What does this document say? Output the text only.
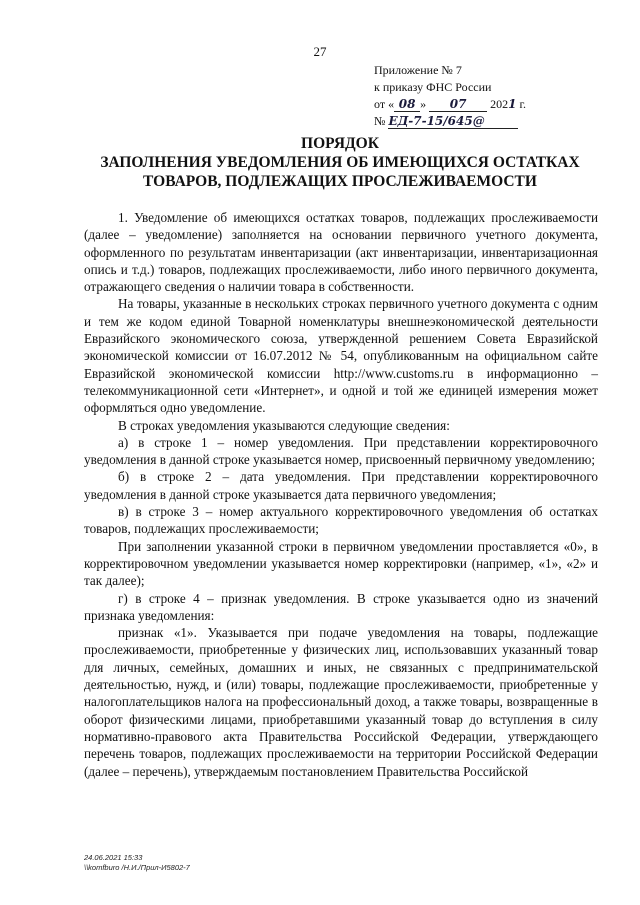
27
Приложение № 7
к приказу ФНС России
от « 08 » 07 2021 г.
№ ЕД-7-15/645@
ПОРЯДОК
ЗАПОЛНЕНИЯ УВЕДОМЛЕНИЯ ОБ ИМЕЮЩИХСЯ ОСТАТКАХ
ТОВАРОВ, ПОДЛЕЖАЩИХ ПРОСЛЕЖИВАЕМОСТИ

1. Уведомление об имеющихся остатках товаров, подлежащих прослеживаемости (далее – уведомление) заполняется на основании первичного учетного документа, оформленного по результатам инвентаризации (акт инвентаризации, инвентаризационная опись и т.д.) товаров, подлежащих прослеживаемости, либо иного первичного документа, отражающего сведения о наличии товара в собственности.

На товары, указанные в нескольких строках первичного учетного документа с одним и тем же кодом единой Товарной номенклатуры внешнеэкономической деятельности Евразийского экономического союза, утвержденной решением Совета Евразийской экономической комиссии от 16.07.2012 № 54, опубликованным на официальном сайте Евразийской экономической комиссии http://www.customs.ru в информационно – телекоммуникационной сети «Интернет», и одной и той же единицей измерения может оформляться одно уведомление.

В строках уведомления указываются следующие сведения:

а) в строке 1 – номер уведомления. При представлении корректировочного уведомления в данной строке указывается номер, присвоенный первичному уведомлению;

б) в строке 2 – дата уведомления. При представлении корректировочного уведомления в данной строке указывается дата первичного уведомления;

в) в строке 3 – номер актуального корректировочного уведомления об остатках товаров, подлежащих прослеживаемости;

При заполнении указанной строки в первичном уведомлении проставляется «0», в корректировочном уведомлении указывается номер корректировки (например, «1», «2» и так далее);

г) в строке 4 – признак уведомления. В строке указывается одно из значений признака уведомления:

признак «1». Указывается при подаче уведомления на товары, подлежащие прослеживаемости, приобретенные у физических лиц, использовавших указанный товар для личных, семейных, домашних и иных, не связанных с предпринимательской деятельностью, нужд, и (или) товары, подлежащие прослеживаемости, приобретенные у налогоплательщиков налога на профессиональный доход, а также товары, возвращенные в оборот физическими лицами, приобретавшими указанный товар до вступления в силу нормативно-правового акта Правительства Российской Федерации, утверждающего перечень товаров, подлежащих прослеживаемости на территории Российской Федерации (далее – перечень), утверждаемым постановлением Правительства Российской

24.06.2021 15:33
\\komfburo /Н.И./Прил-И5802-7
